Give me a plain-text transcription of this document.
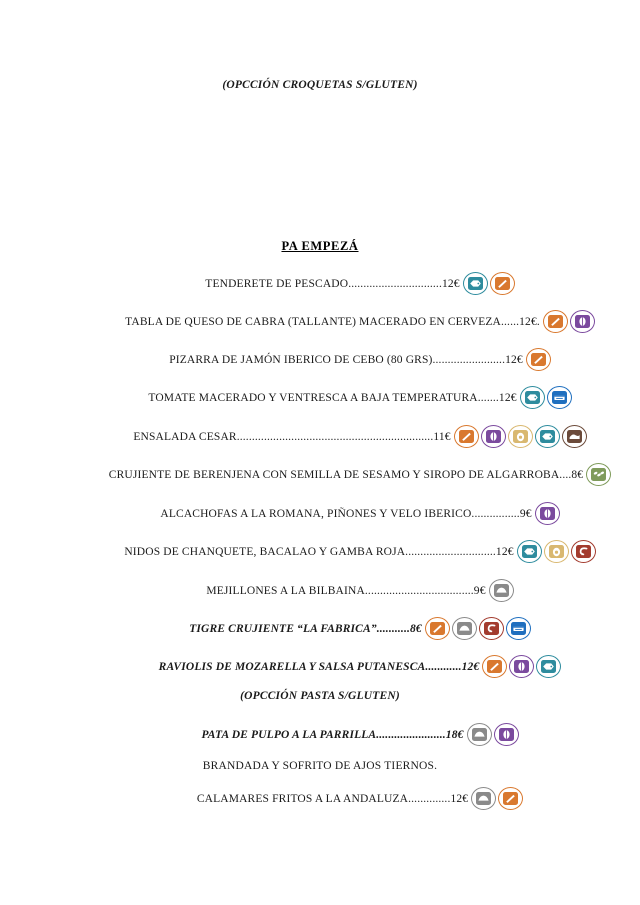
(OPCCIÓN CROQUETAS S/GLUTEN)
PA EMPEZÁ
TENDERETE DE PESCADO...............................12€
TABLA DE QUESO DE CABRA (TALLANTE) MACERADO EN CERVEZA......12€.
PIZARRA DE JAMÓN IBERICO DE CEBO (80 GRS)........................12€
TOMATE MACERADO Y VENTRESCA A BAJA TEMPERATURA.......12€
ENSALADA CESAR.................................................................11€
CRUJIENTE DE BERENJENA CON SEMILLA DE SESAMO Y SIROPO DE ALGARROBA....8€
ALCACHOFAS A LA ROMANA, PIÑONES Y VELO IBERICO................9€
NIDOS DE CHANQUETE, BACALAO Y GAMBA ROJA..............................12€
MEJILLONES A LA BILBAINA....................................9€
TIGRE CRUJIENTE “LA FABRICA”...........8€
RAVIOLIS DE MOZARELLA Y SALSA PUTANESCA............12€
(OPCCIÓN PASTA S/GLUTEN)
PATA DE PULPO A LA PARRILLA.......................18€
BRANDADA Y SOFRITO DE AJOS TIERNOS.
CALAMARES FRITOS A LA ANDALUZA..............12€
